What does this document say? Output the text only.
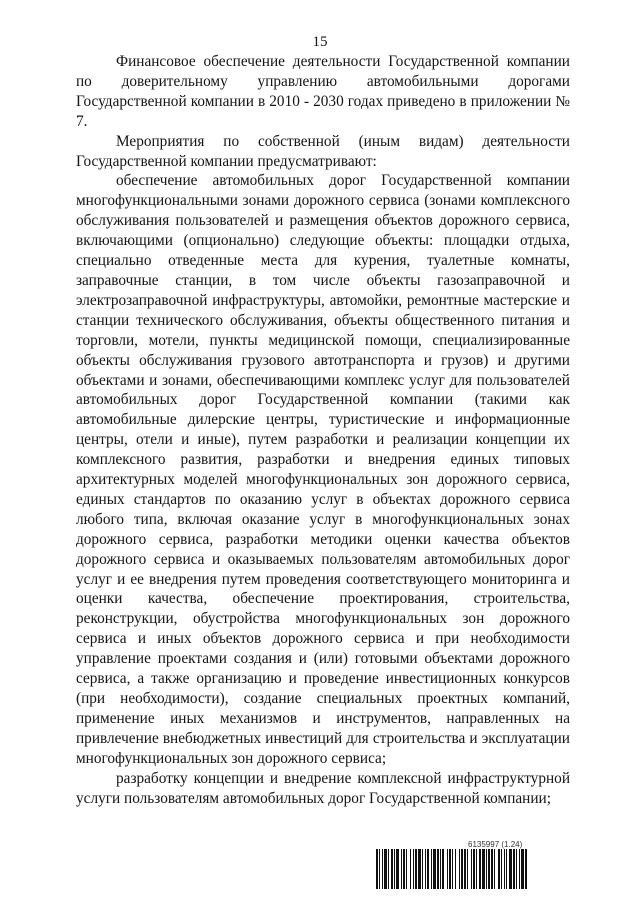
15

Финансовое обеспечение деятельности Государственной компании по доверительному управлению автомобильными дорогами Государственной компании в 2010 - 2030 годах приведено в приложении № 7.

Мероприятия по собственной (иным видам) деятельности Государственной компании предусматривают:

обеспечение автомобильных дорог Государственной компании многофункциональными зонами дорожного сервиса (зонами комплексного обслуживания пользователей и размещения объектов дорожного сервиса, включающими (опционально) следующие объекты: площадки отдыха, специально отведенные места для курения, туалетные комнаты, заправочные станции, в том числе объекты газозаправочной и электрозаправочной инфраструктуры, автомойки, ремонтные мастерские и станции технического обслуживания, объекты общественного питания и торговли, мотели, пункты медицинской помощи, специализированные объекты обслуживания грузового автотранспорта и грузов) и другими объектами и зонами, обеспечивающими комплекс услуг для пользователей автомобильных дорог Государственной компании (такими как автомобильные дилерские центры, туристические и информационные центры, отели и иные), путем разработки и реализации концепции их комплексного развития, разработки и внедрения единых типовых архитектурных моделей многофункциональных зон дорожного сервиса, единых стандартов по оказанию услуг в объектах дорожного сервиса любого типа, включая оказание услуг в многофункциональных зонах дорожного сервиса, разработки методики оценки качества объектов дорожного сервиса и оказываемых пользователям автомобильных дорог услуг и ее внедрения путем проведения соответствующего мониторинга и оценки качества, обеспечение проектирования, строительства, реконструкции, обустройства многофункциональных зон дорожного сервиса и иных объектов дорожного сервиса и при необходимости управление проектами создания и (или) готовыми объектами дорожного сервиса, а также организацию и проведение инвестиционных конкурсов (при необходимости), создание специальных проектных компаний, применение иных механизмов и инструментов, направленных на привлечение внебюджетных инвестиций для строительства и эксплуатации многофункциональных зон дорожного сервиса;

разработку концепции и внедрение комплексной инфраструктурной услуги пользователям автомобильных дорог Государственной компании;

6135997 (1.24)
